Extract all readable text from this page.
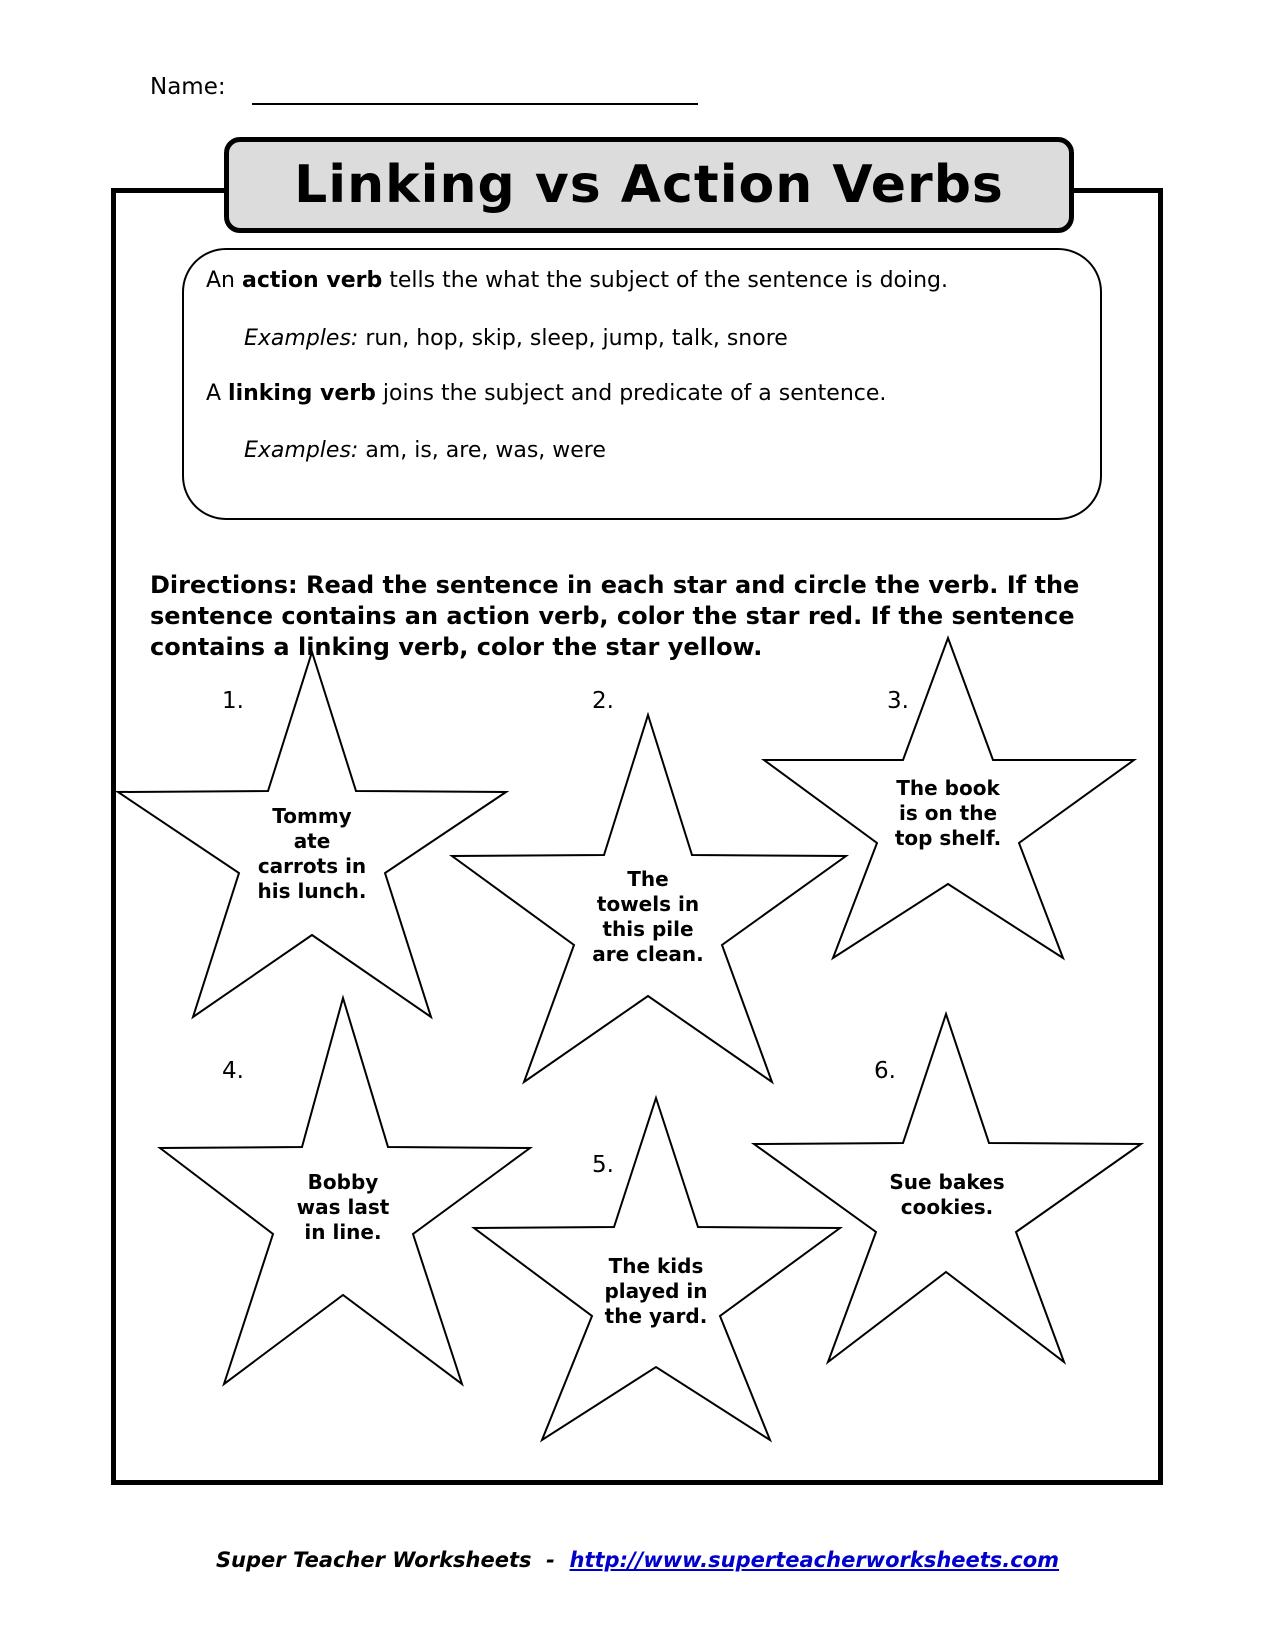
Name:
Linking vs Action Verbs
An action verb tells the what the subject of the sentence is doing.
Examples: run, hop, skip, sleep, jump, talk, snore
A linking verb joins the subject and predicate of a sentence.
Examples: am, is, are, was, were
Directions: Read the sentence in each star and circle the verb. If the sentence contains an action verb, color the star red. If the sentence contains a linking verb, color the star yellow.
1.	2.	3.
4.
5.
6.
Tommy
ate
carrots in
his lunch.	The
towels in
this pile
are clean.
The book
is on the
top shelf.
Bobby
was last
in line.
The kids
played in
the yard.
Sue bakes
cookies.
Super Teacher Worksheets  -  http://www.superteacherworksheets.com
